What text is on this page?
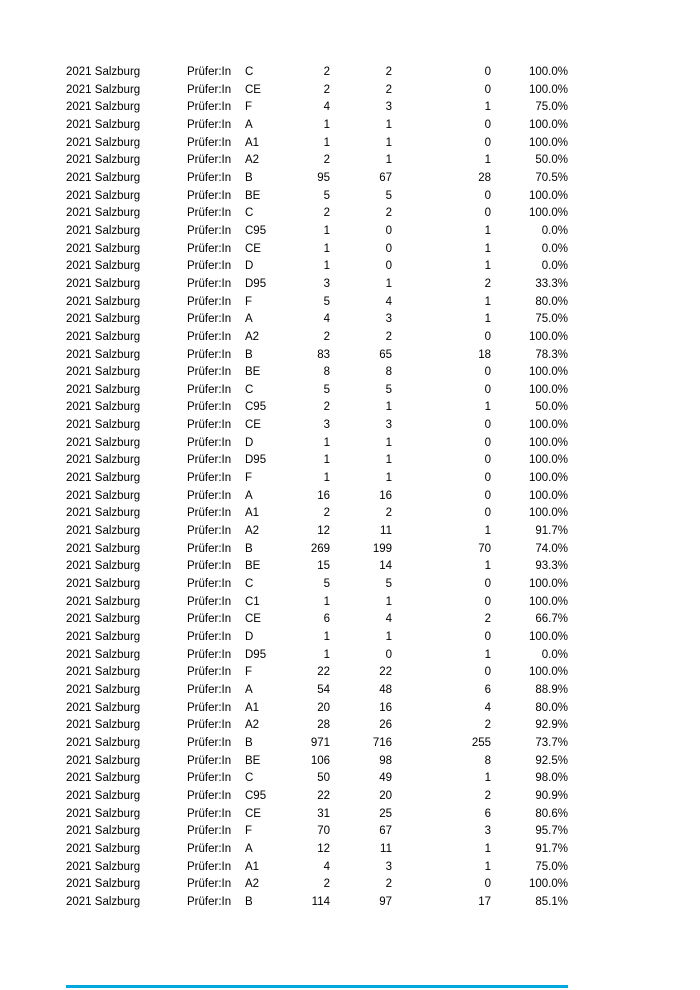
2021 Salzburg	Prüfer:In	C	2	2	0	100.0%
2021 Salzburg	Prüfer:In	CE	2	2	0	100.0%
2021 Salzburg	Prüfer:In	F	4	3	1	75.0%
2021 Salzburg	Prüfer:In	A	1	1	0	100.0%
2021 Salzburg	Prüfer:In	A1	1	1	0	100.0%
2021 Salzburg	Prüfer:In	A2	2	1	1	50.0%
2021 Salzburg	Prüfer:In	B	95	67	28	70.5%
2021 Salzburg	Prüfer:In	BE	5	5	0	100.0%
2021 Salzburg	Prüfer:In	C	2	2	0	100.0%
2021 Salzburg	Prüfer:In	C95	1	0	1	0.0%
2021 Salzburg	Prüfer:In	CE	1	0	1	0.0%
2021 Salzburg	Prüfer:In	D	1	0	1	0.0%
2021 Salzburg	Prüfer:In	D95	3	1	2	33.3%
2021 Salzburg	Prüfer:In	F	5	4	1	80.0%
2021 Salzburg	Prüfer:In	A	4	3	1	75.0%
2021 Salzburg	Prüfer:In	A2	2	2	0	100.0%
2021 Salzburg	Prüfer:In	B	83	65	18	78.3%
2021 Salzburg	Prüfer:In	BE	8	8	0	100.0%
2021 Salzburg	Prüfer:In	C	5	5	0	100.0%
2021 Salzburg	Prüfer:In	C95	2	1	1	50.0%
2021 Salzburg	Prüfer:In	CE	3	3	0	100.0%
2021 Salzburg	Prüfer:In	D	1	1	0	100.0%
2021 Salzburg	Prüfer:In	D95	1	1	0	100.0%
2021 Salzburg	Prüfer:In	F	1	1	0	100.0%
2021 Salzburg	Prüfer:In	A	16	16	0	100.0%
2021 Salzburg	Prüfer:In	A1	2	2	0	100.0%
2021 Salzburg	Prüfer:In	A2	12	11	1	91.7%
2021 Salzburg	Prüfer:In	B	269	199	70	74.0%
2021 Salzburg	Prüfer:In	BE	15	14	1	93.3%
2021 Salzburg	Prüfer:In	C	5	5	0	100.0%
2021 Salzburg	Prüfer:In	C1	1	1	0	100.0%
2021 Salzburg	Prüfer:In	CE	6	4	2	66.7%
2021 Salzburg	Prüfer:In	D	1	1	0	100.0%
2021 Salzburg	Prüfer:In	D95	1	0	1	0.0%
2021 Salzburg	Prüfer:In	F	22	22	0	100.0%
2021 Salzburg	Prüfer:In	A	54	48	6	88.9%
2021 Salzburg	Prüfer:In	A1	20	16	4	80.0%
2021 Salzburg	Prüfer:In	A2	28	26	2	92.9%
2021 Salzburg	Prüfer:In	B	971	716	255	73.7%
2021 Salzburg	Prüfer:In	BE	106	98	8	92.5%
2021 Salzburg	Prüfer:In	C	50	49	1	98.0%
2021 Salzburg	Prüfer:In	C95	22	20	2	90.9%
2021 Salzburg	Prüfer:In	CE	31	25	6	80.6%
2021 Salzburg	Prüfer:In	F	70	67	3	95.7%
2021 Salzburg	Prüfer:In	A	12	11	1	91.7%
2021 Salzburg	Prüfer:In	A1	4	3	1	75.0%
2021 Salzburg	Prüfer:In	A2	2	2	0	100.0%
2021 Salzburg	Prüfer:In	B	114	97	17	85.1%
